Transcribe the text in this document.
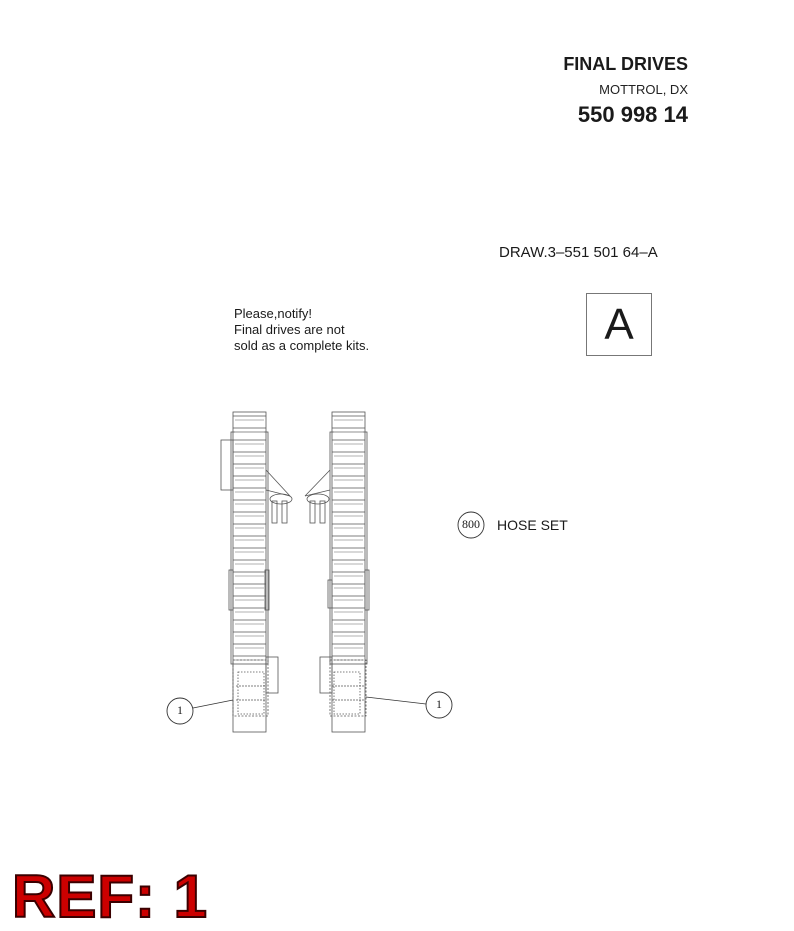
FINAL DRIVES
MOTTROL, DX
550 998 14
DRAW.3–551 501 64–A
A
Please,notify!
Final drives are not
sold as a complete kits.
800 HOSE SET
1	1
REF: 1
